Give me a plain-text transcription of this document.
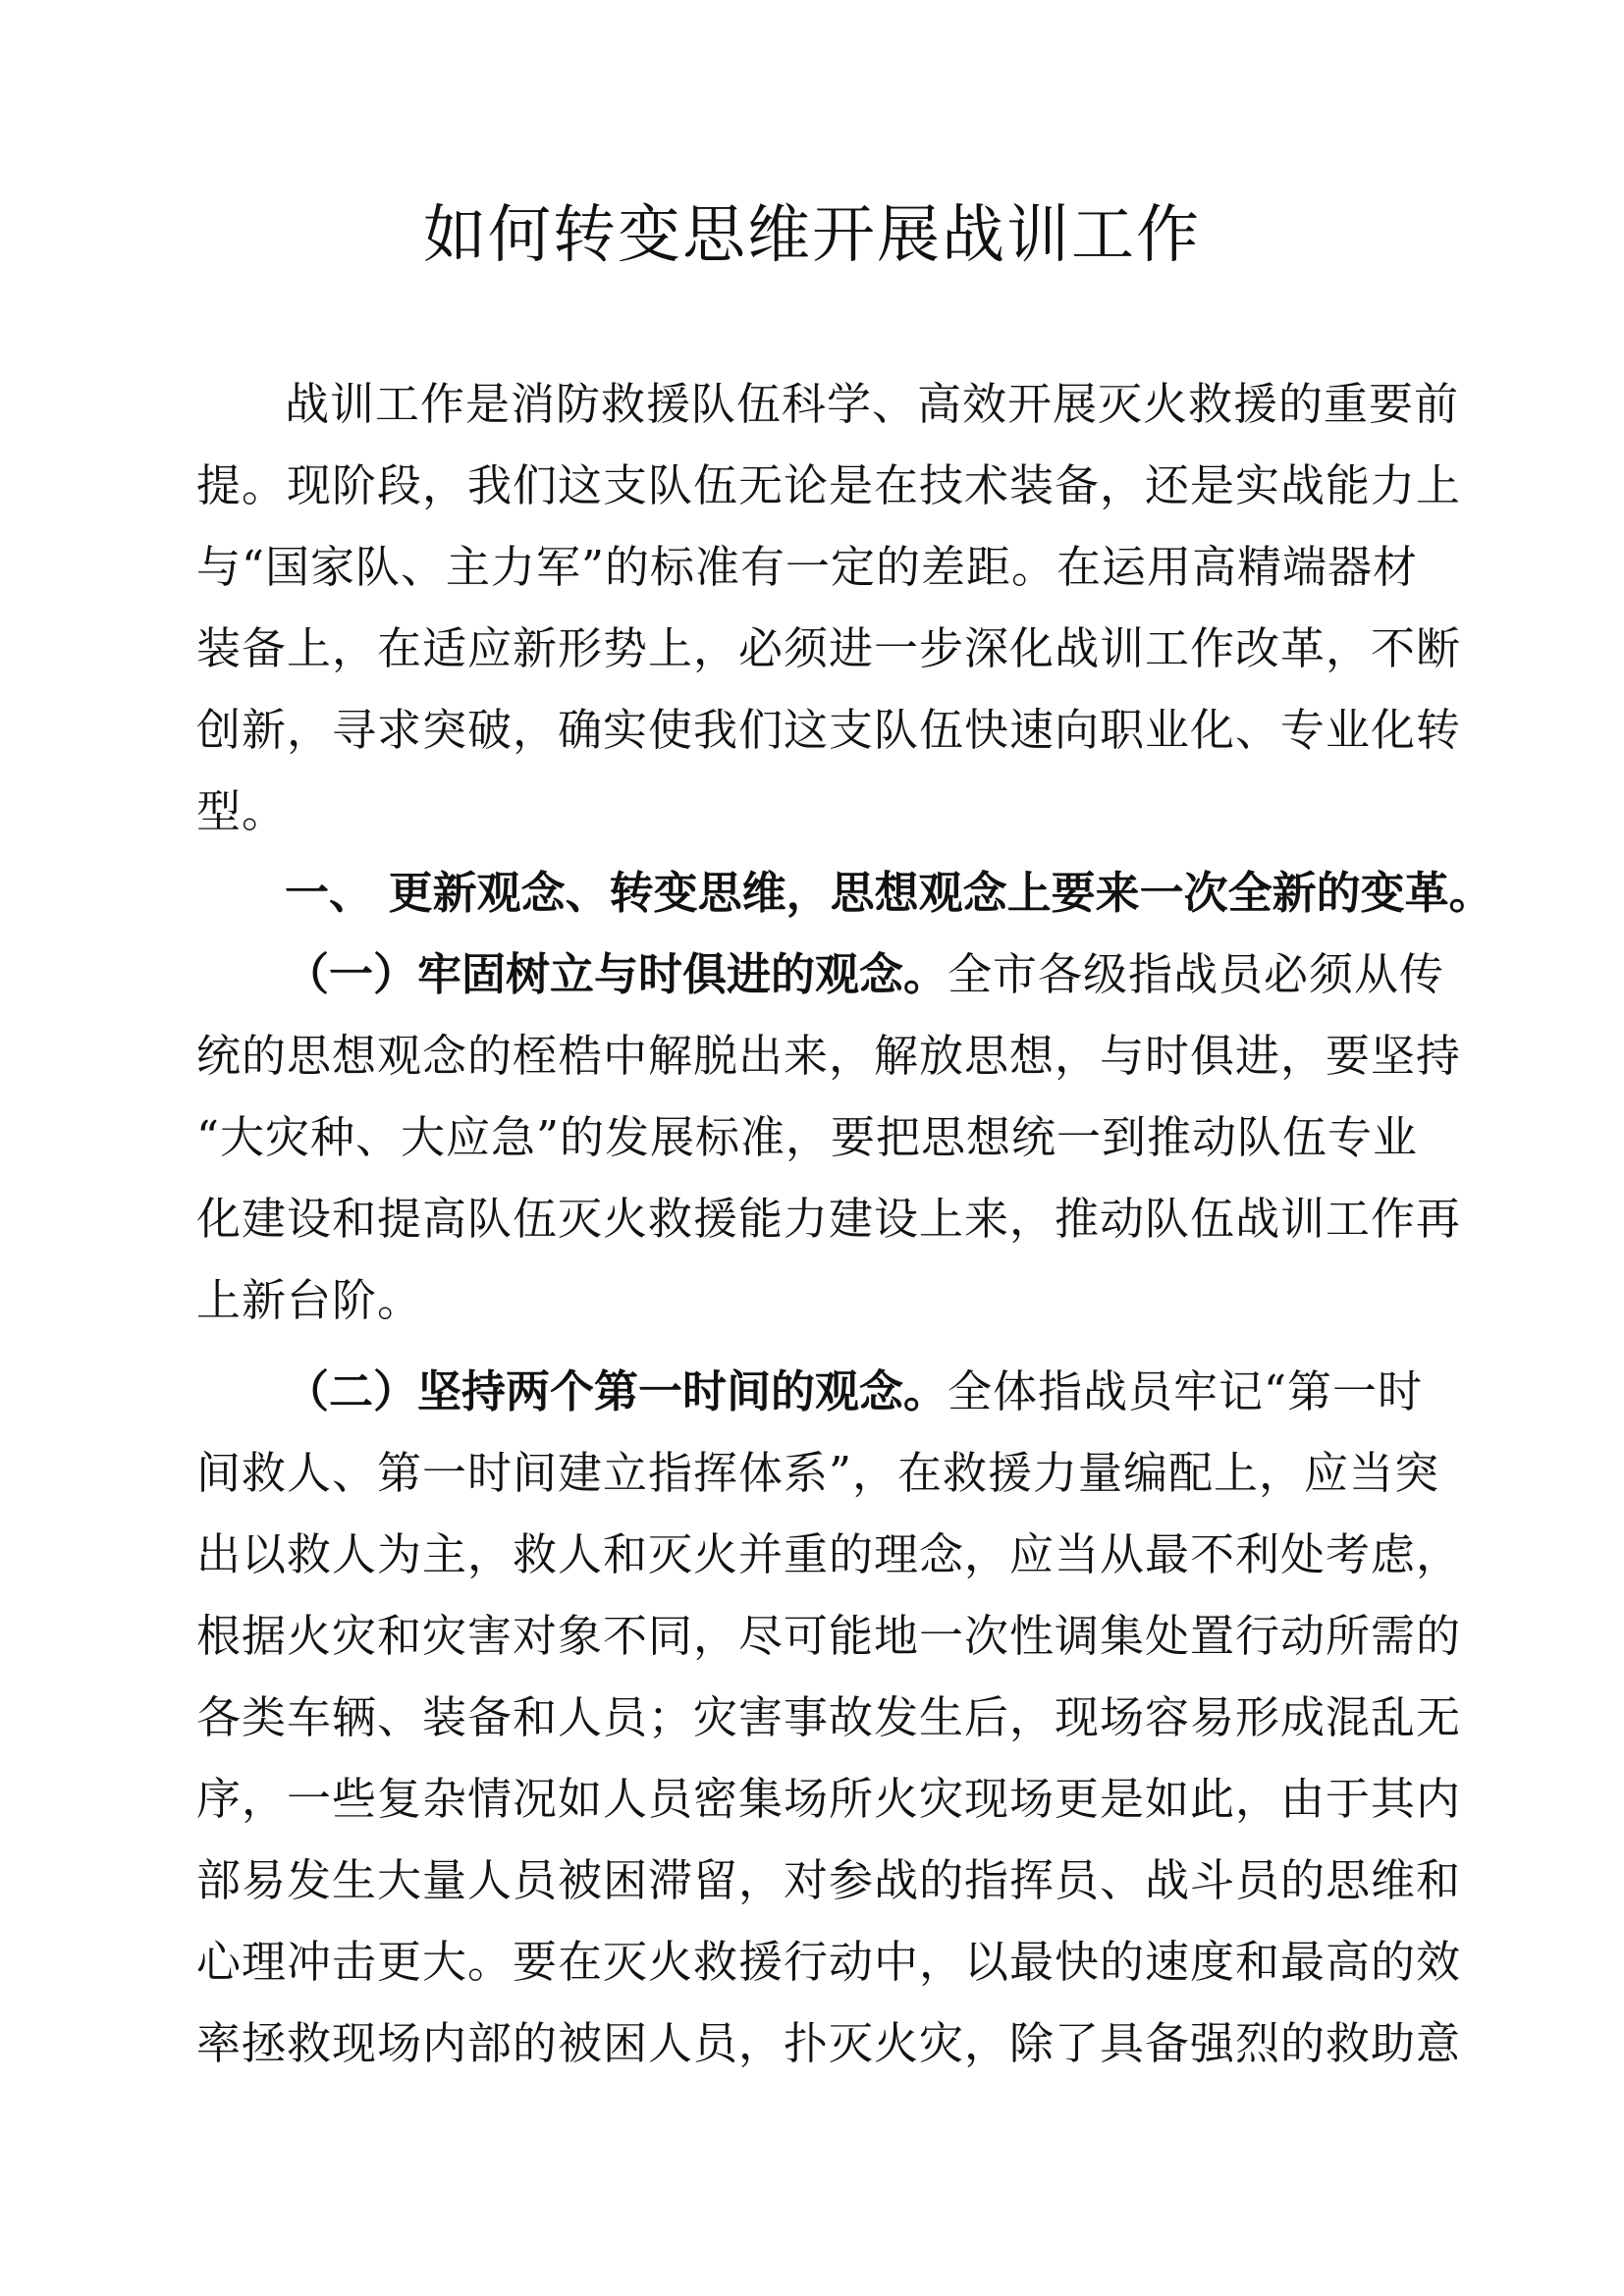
如何转变思维开展战训工作
战训工作是消防救援队伍科学、高效开展灭火救援的重要前
提。现阶段，我们这支队伍无论是在技术装备，还是实战能力上
与“国家队、主力军”的标准有一定的差距。在运用高精端器材
装备上，在适应新形势上，必须进一步深化战训工作改革，不断
创新，寻求突破，确实使我们这支队伍快速向职业化、专业化转
型。
一、 更新观念、转变思维，思想观念上要来一次全新的变革。
（一）牢固树立与时俱进的观念。全市各级指战员必须从传
统的思想观念的桎梏中解脱出来，解放思想，与时俱进，要坚持
“大灾种、大应急”的发展标准，要把思想统一到推动队伍专业
化建设和提高队伍灭火救援能力建设上来，推动队伍战训工作再
上新台阶。
（二）坚持两个第一时间的观念。全体指战员牢记“第一时
间救人、第一时间建立指挥体系”，在救援力量编配上，应当突
出以救人为主，救人和灭火并重的理念，应当从最不利处考虑，
根据火灾和灾害对象不同，尽可能地一次性调集处置行动所需的
各类车辆、装备和人员；灾害事故发生后，现场容易形成混乱无
序，一些复杂情况如人员密集场所火灾现场更是如此，由于其内
部易发生大量人员被困滞留，对参战的指挥员、战斗员的思维和
心理冲击更大。要在灭火救援行动中，以最快的速度和最高的效
率拯救现场内部的被困人员，扑灭火灾，除了具备强烈的救助意
